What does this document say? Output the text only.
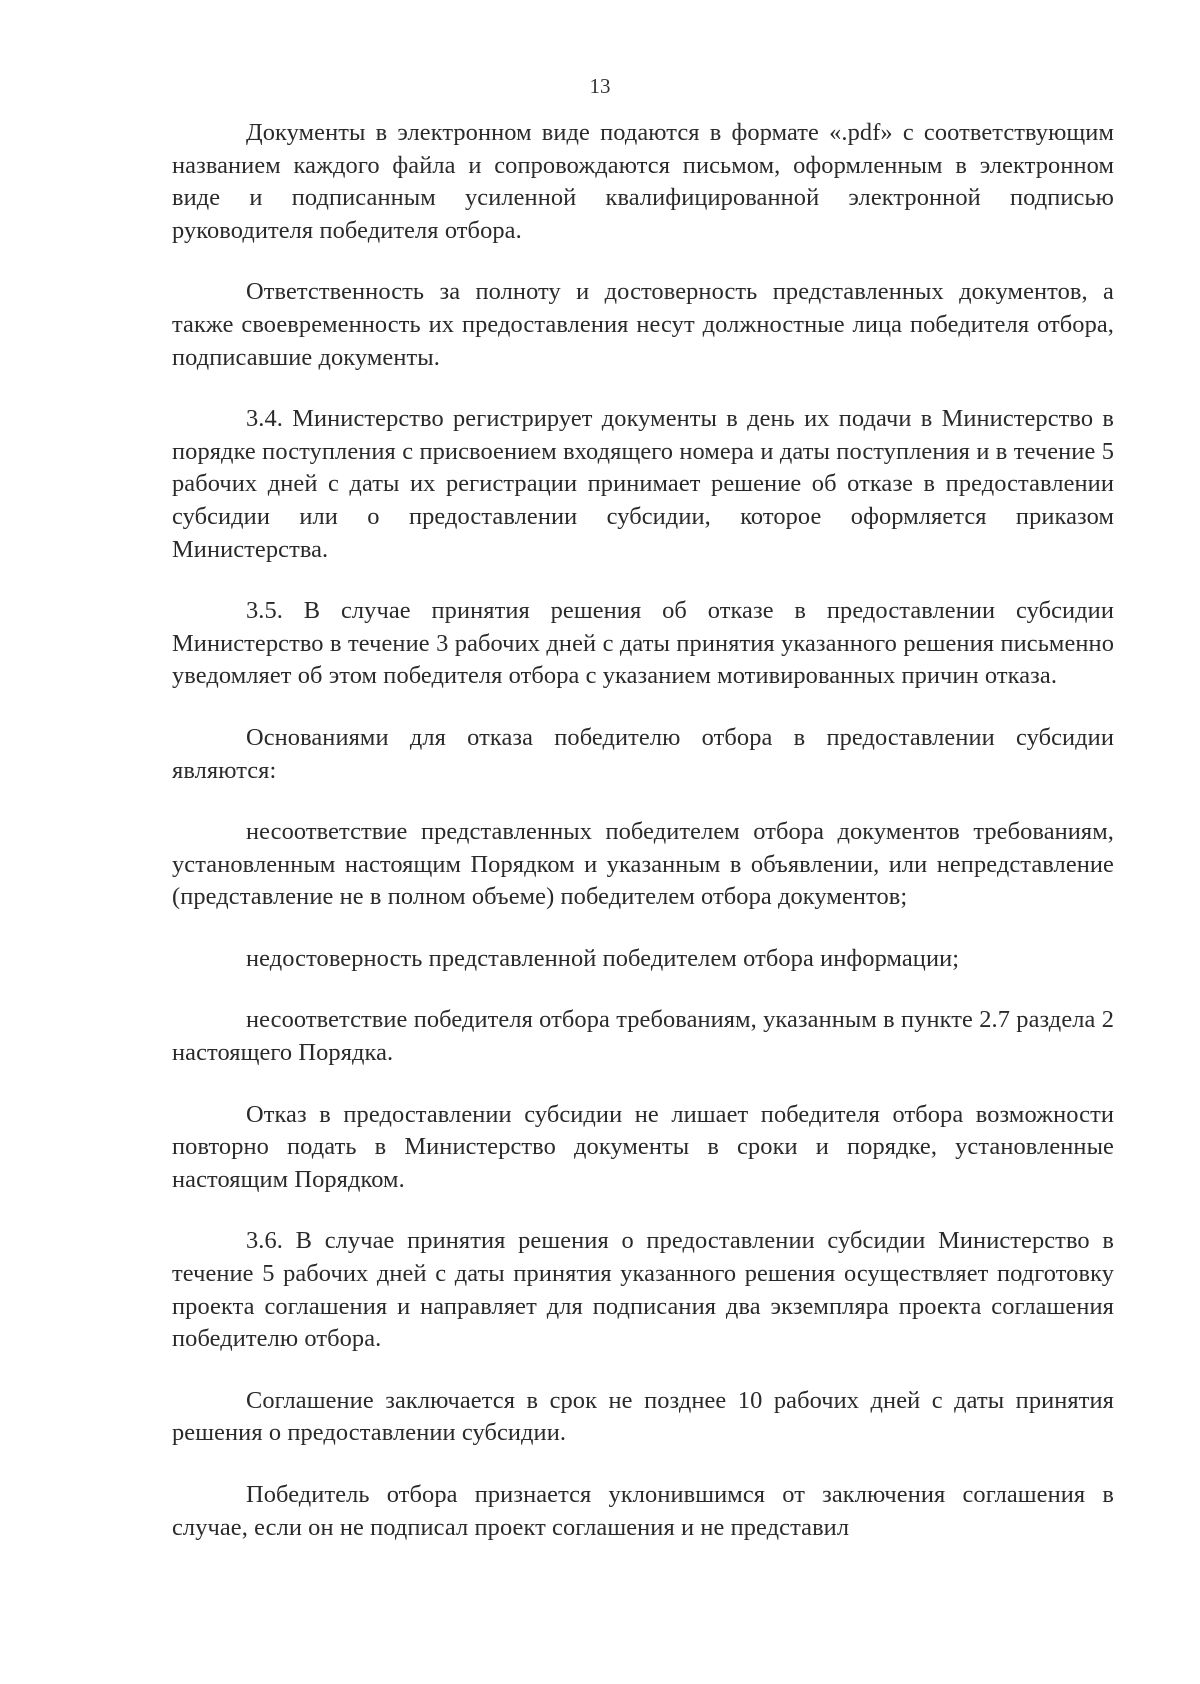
13

Документы в электронном виде подаются в формате «.pdf» с соответствующим названием каждого файла и сопровождаются письмом, оформленным в электронном виде и подписанным усиленной квалифицированной электронной подписью руководителя победителя отбора.

Ответственность за полноту и достоверность представленных документов, а также своевременность их предоставления несут должностные лица победителя отбора, подписавшие документы.

3.4. Министерство регистрирует документы в день их подачи в Министерство в порядке поступления с присвоением входящего номера и даты поступления и в течение 5 рабочих дней с даты их регистрации принимает решение об отказе в предоставлении субсидии или о предоставлении субсидии, которое оформляется приказом Министерства.

3.5. В случае принятия решения об отказе в предоставлении субсидии Министерство в течение 3 рабочих дней с даты принятия указанного решения письменно уведомляет об этом победителя отбора с указанием мотивированных причин отказа.

Основаниями для отказа победителю отбора в предоставлении субсидии являются:

несоответствие представленных победителем отбора документов требованиям, установленным настоящим Порядком и указанным в объявлении, или непредставление (представление не в полном объеме) победителем отбора документов;

недостоверность представленной победителем отбора информации;

несоответствие победителя отбора требованиям, указанным в пункте 2.7 раздела 2 настоящего Порядка.

Отказ в предоставлении субсидии не лишает победителя отбора возможности повторно подать в Министерство документы в сроки и порядке, установленные настоящим Порядком.

3.6. В случае принятия решения о предоставлении субсидии Министерство в течение 5 рабочих дней с даты принятия указанного решения осуществляет подготовку проекта соглашения и направляет для подписания два экземпляра проекта соглашения победителю отбора.

Соглашение заключается в срок не позднее 10 рабочих дней с даты принятия решения о предоставлении субсидии.

Победитель отбора признается уклонившимся от заключения соглашения в случае, если он не подписал проект соглашения и не представил
